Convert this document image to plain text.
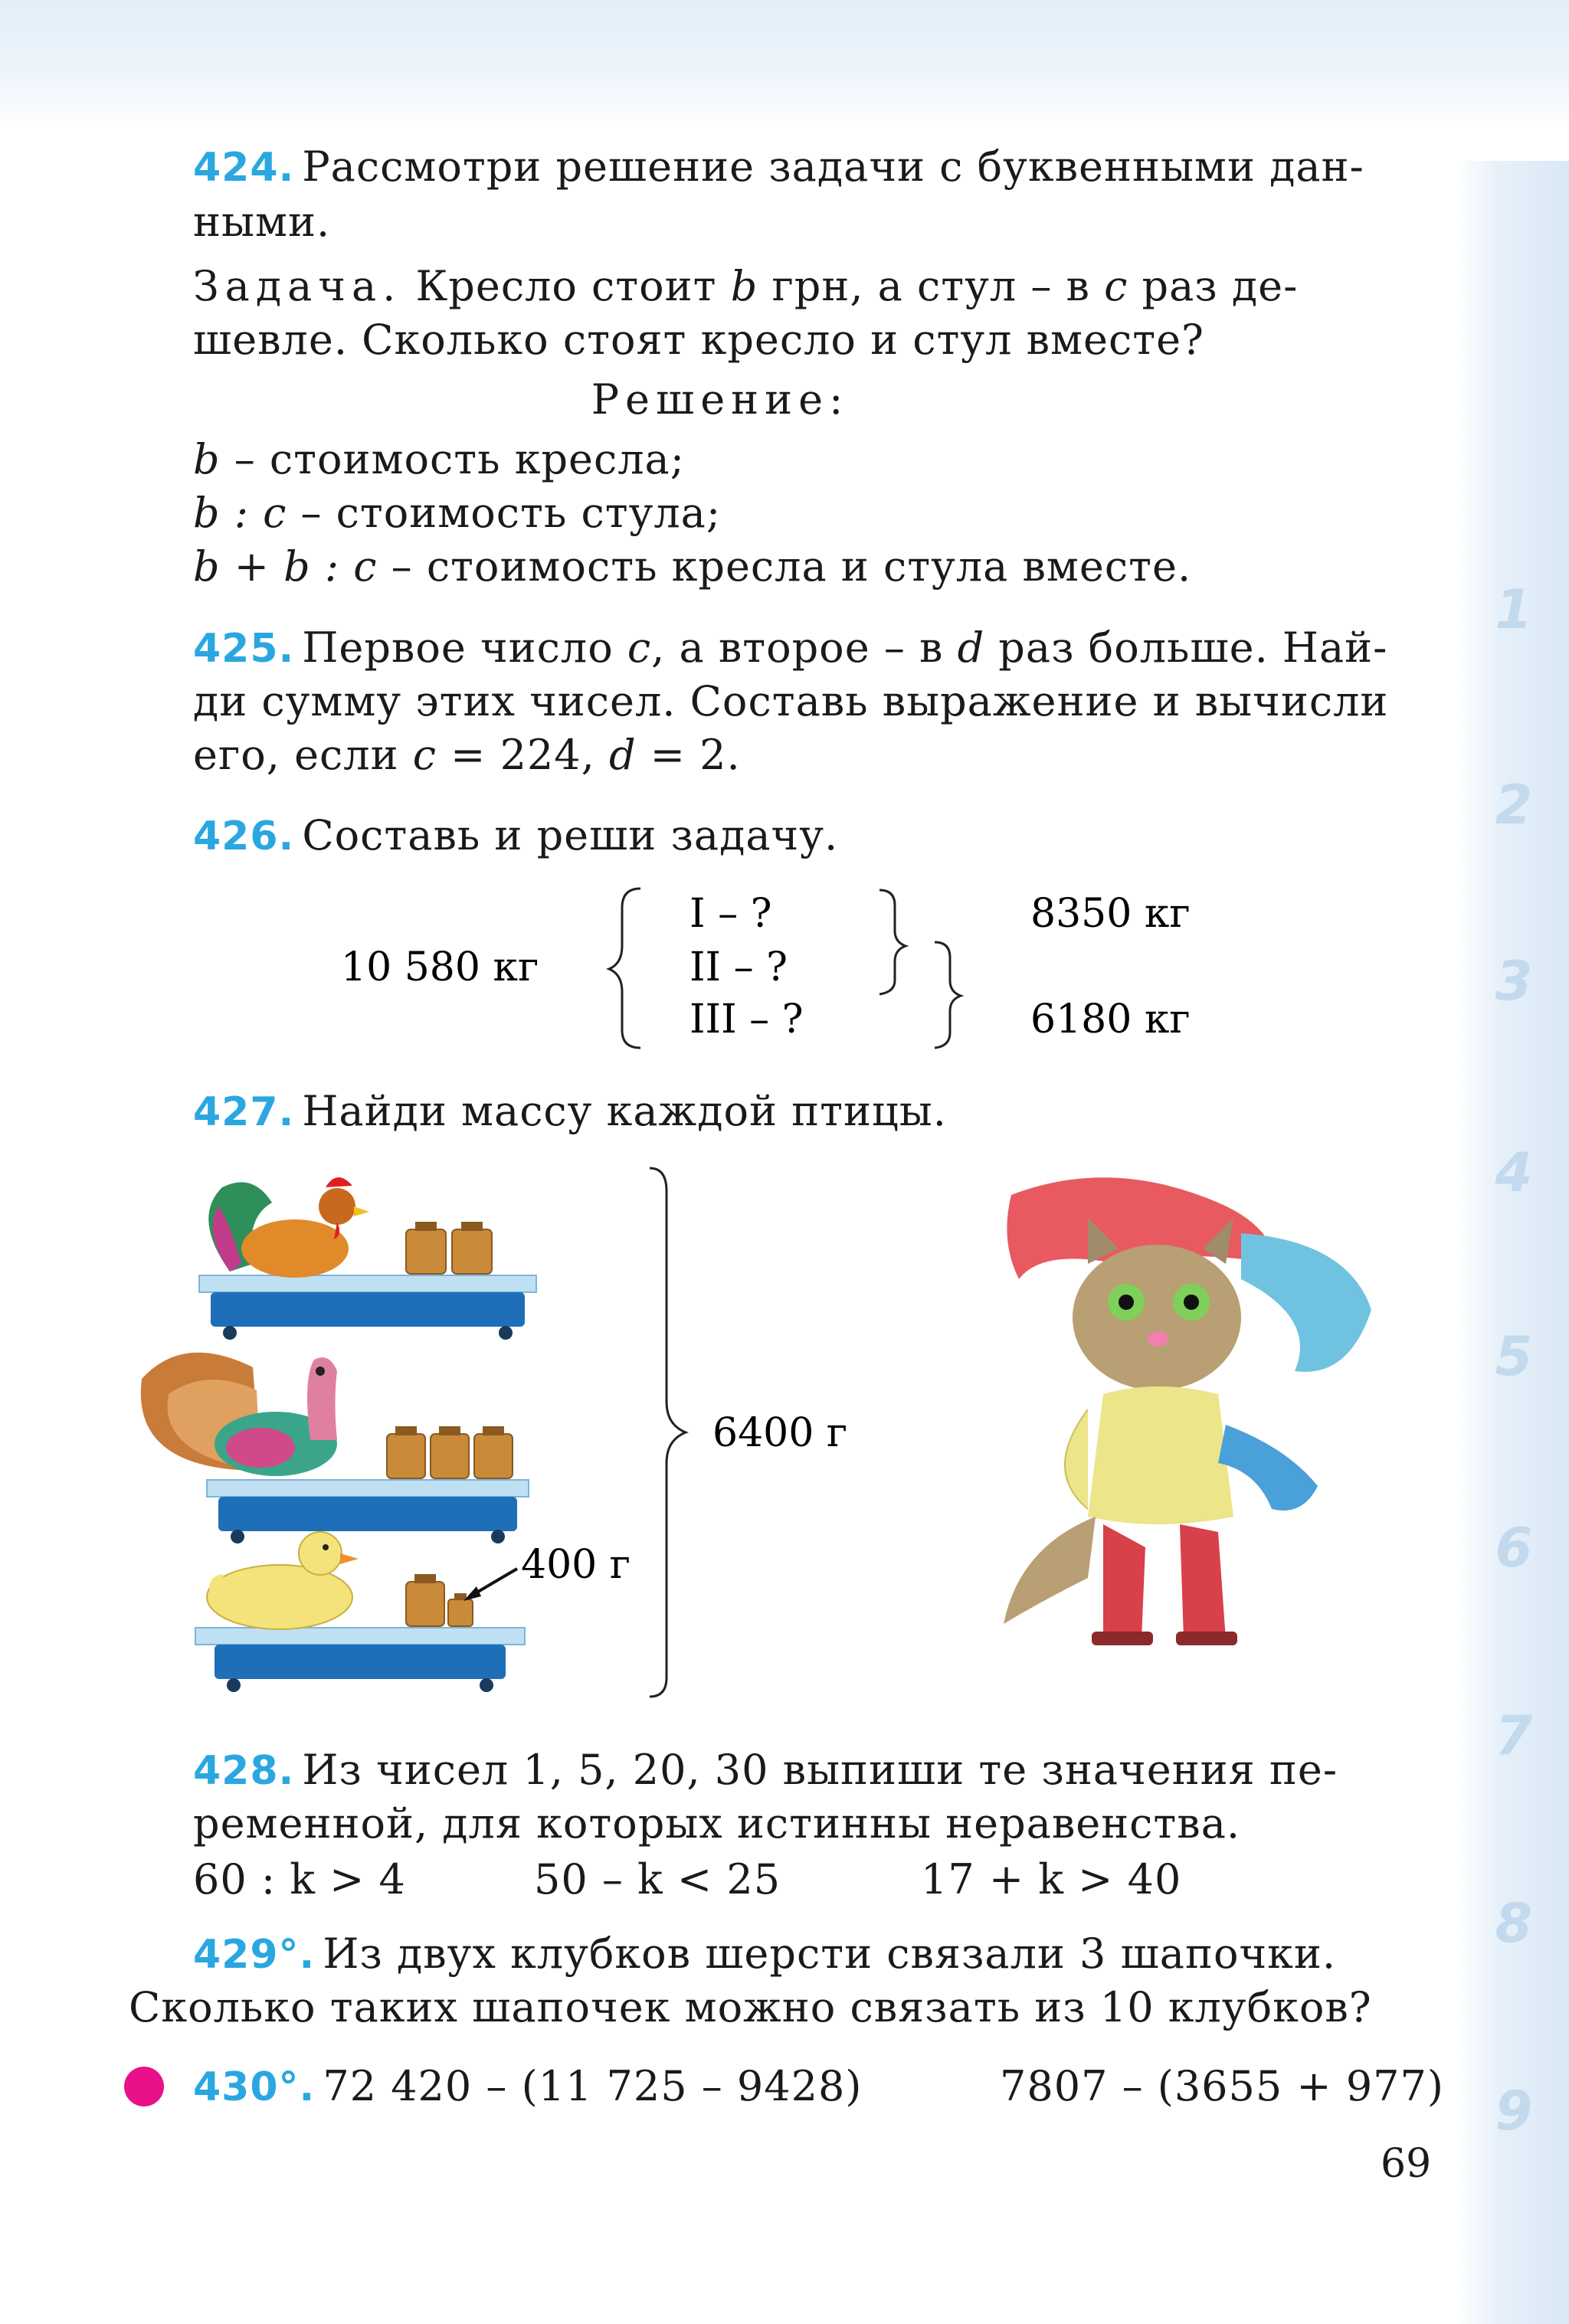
1
2
3
4
5
6
7
8
9
424. Рассмотри решение задачи с буквенными дан-
ными.
Задача. Кресло стоит b грн, а стул – в c раз де-
шевле. Сколько стоят кресло и стул вместе?
Решение:
b – стоимость кресла;
b : c – стоимость стула;
b + b : c – стоимость кресла и стула вместе.
425. Первое число c, а второе – в d раз больше. Най-
ди сумму этих чисел. Составь выражение и вычисли
его, если c = 224, d = 2.
426. Составь и реши задачу.
10 580 кг
I – ?
II – ?
III – ?
8350 кг
6180 кг
427. Найди массу каждой птицы.
400 г
6400 г
428. Из чисел 1, 5, 20, 30 выпиши те значения пе-
ременной, для которых истинны неравенства.
60 : k > 4	50 – k < 25	17 + k > 40
429°. Из двух клубков шерсти связали 3 шапочки.
Сколько таких шапочек можно связать из 10 клубков?
430°. 72 420 – (11 725 – 9428)	7807 – (3655 + 977)
69
